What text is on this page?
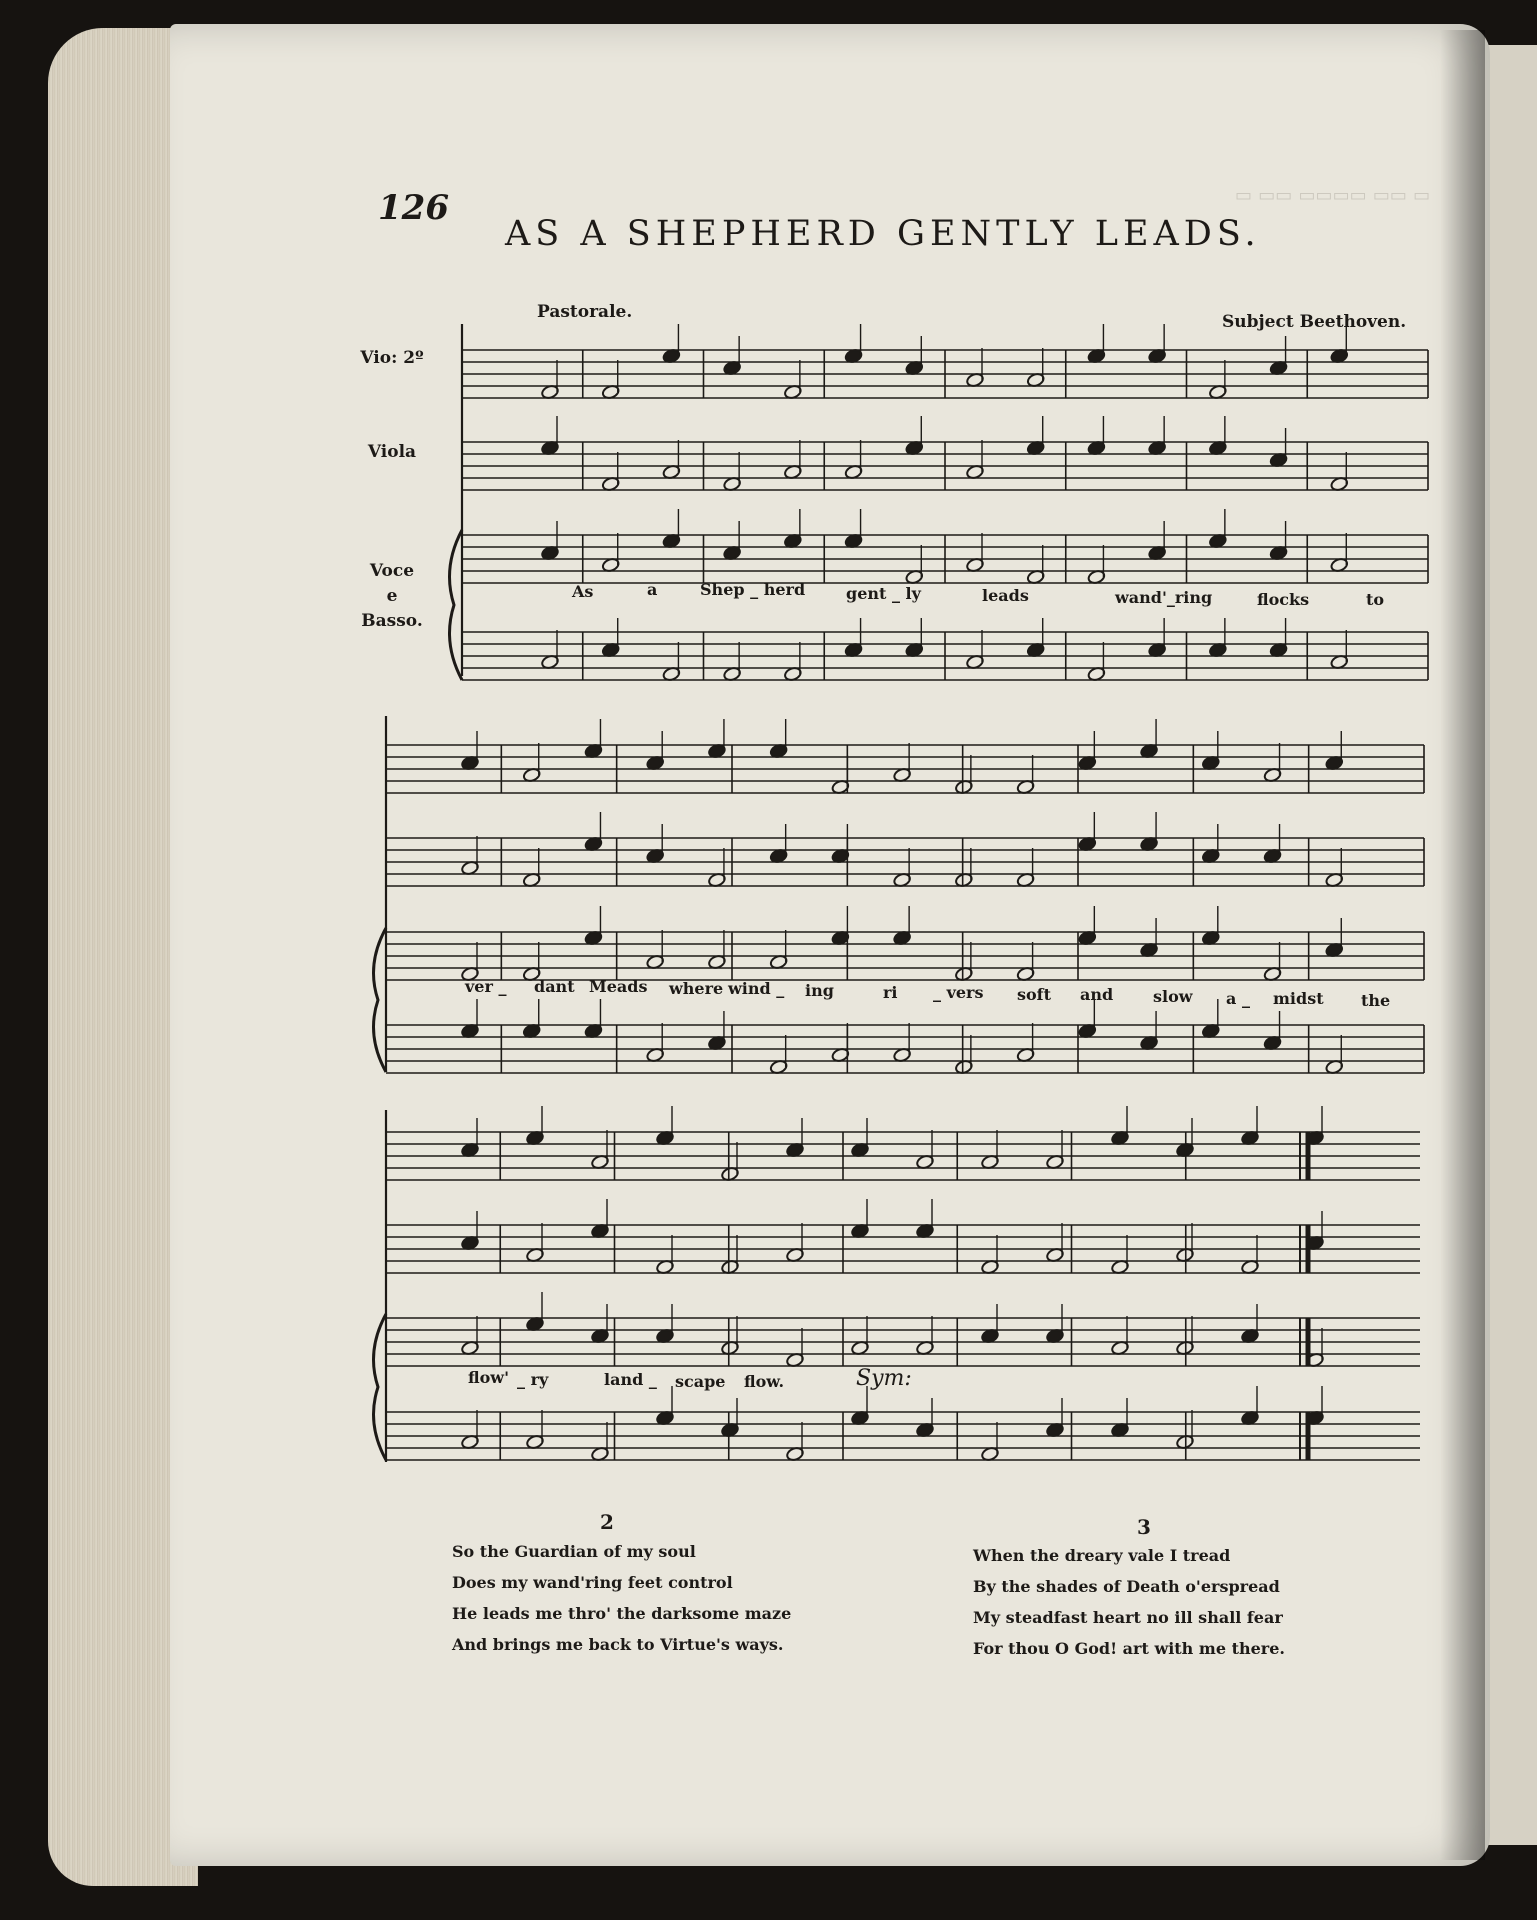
▭ ▭▭ ▭▭▭▭ ▭▭ ▭
126
AS A SHEPHERD GENTLY LEADS.
Pastorale.	Subject Beethoven.
Vio: 2º
Viola
Voce
e
Basso.
As	a	Shep _ herd	gent _ ly	leads	wand'_ring	flocks	to
ver _ dant Meads where wind _ ing	ri _ vers soft and slow a _ midst the
flow' _ ry	land _ scape flow.	Sym:
2
So the Guardian of my soul
Does my wand'ring feet control
He leads me thro' the darksome maze
And brings me back to Virtue's ways.
3
When the dreary vale I tread
By the shades of Death o'erspread
My steadfast heart no ill shall fear
For thou O God! art with me there.
